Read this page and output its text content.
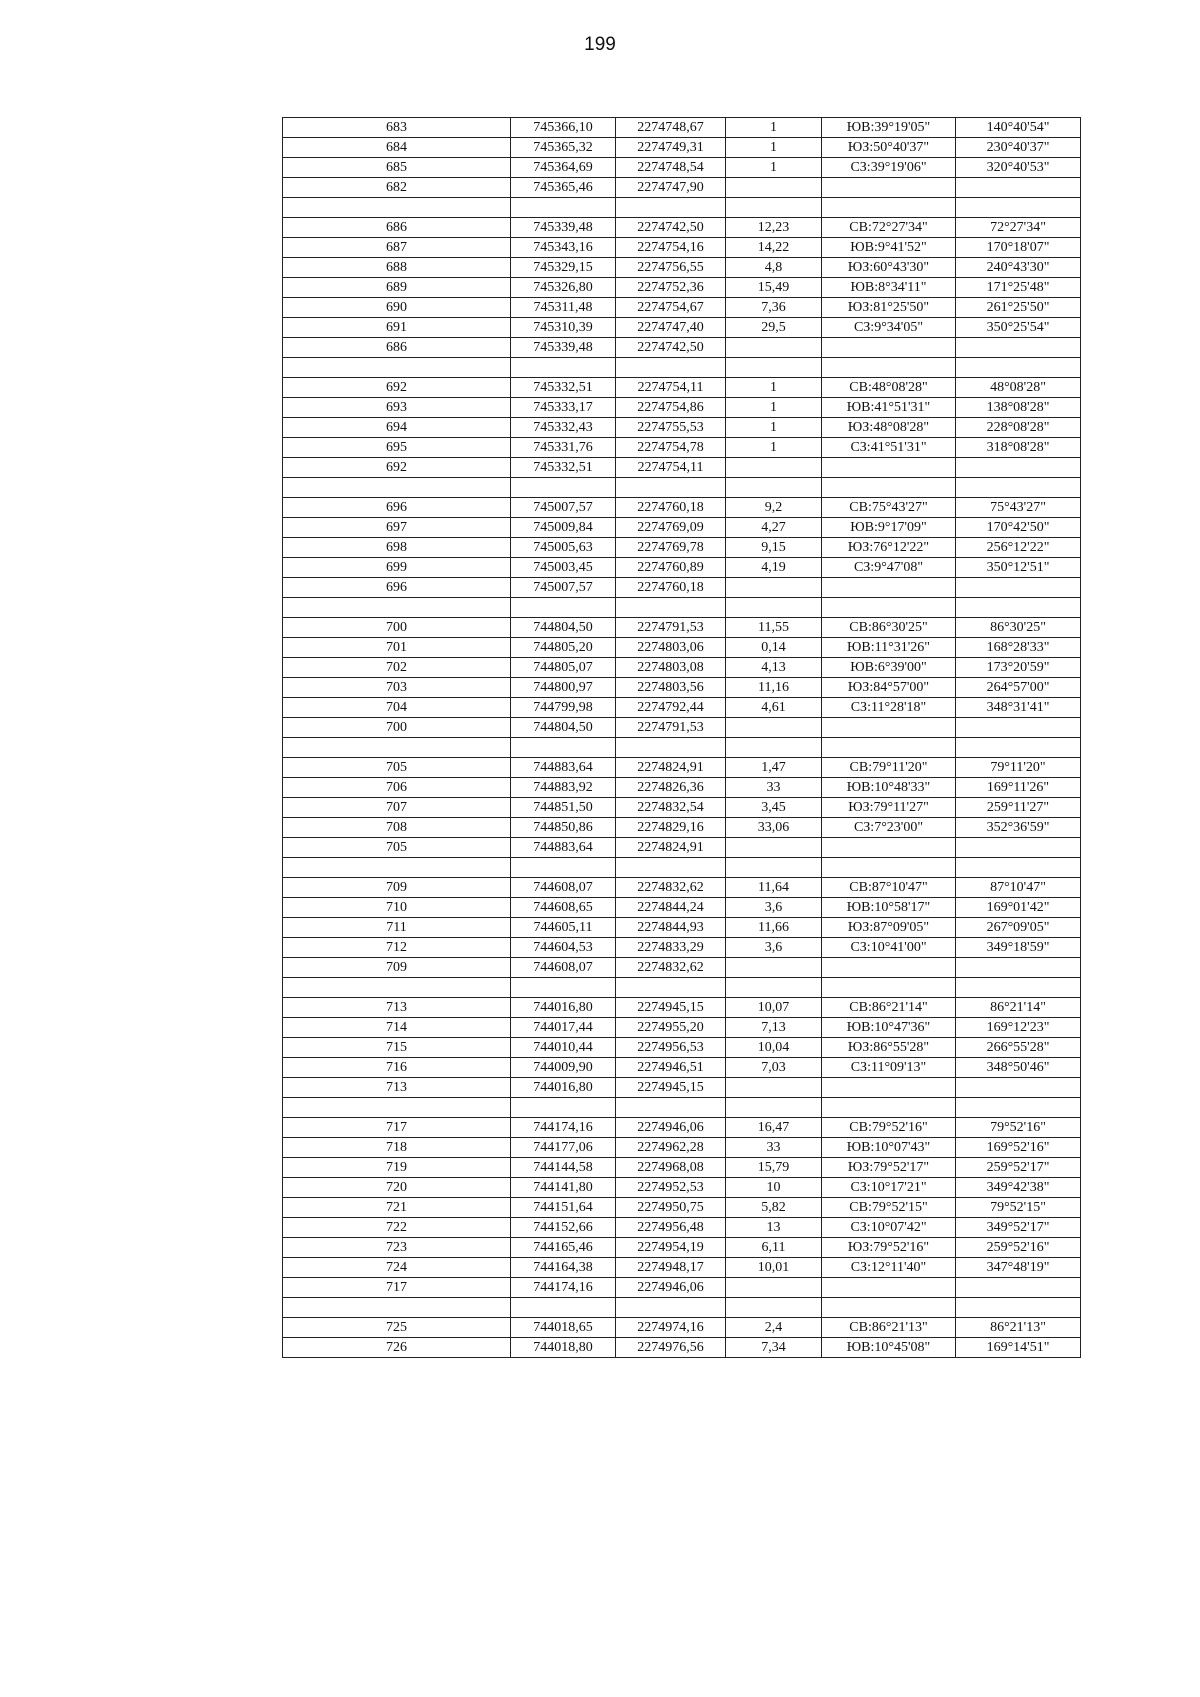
199
683	745366,10	2274748,67	1	ЮВ:39°19'05"	140°40'54"
684	745365,32	2274749,31	1	ЮЗ:50°40'37"	230°40'37"
685	745364,69	2274748,54	1	СЗ:39°19'06"	320°40'53"
682	745365,46	2274747,90			

686	745339,48	2274742,50	12,23	СВ:72°27'34"	72°27'34"
687	745343,16	2274754,16	14,22	ЮВ:9°41'52"	170°18'07"
688	745329,15	2274756,55	4,8	ЮЗ:60°43'30"	240°43'30"
689	745326,80	2274752,36	15,49	ЮВ:8°34'11"	171°25'48"
690	745311,48	2274754,67	7,36	ЮЗ:81°25'50"	261°25'50"
691	745310,39	2274747,40	29,5	СЗ:9°34'05"	350°25'54"
686	745339,48	2274742,50			

692	745332,51	2274754,11	1	СВ:48°08'28"	48°08'28"
693	745333,17	2274754,86	1	ЮВ:41°51'31"	138°08'28"
694	745332,43	2274755,53	1	ЮЗ:48°08'28"	228°08'28"
695	745331,76	2274754,78	1	СЗ:41°51'31"	318°08'28"
692	745332,51	2274754,11			

696	745007,57	2274760,18	9,2	СВ:75°43'27"	75°43'27"
697	745009,84	2274769,09	4,27	ЮВ:9°17'09"	170°42'50"
698	745005,63	2274769,78	9,15	ЮЗ:76°12'22"	256°12'22"
699	745003,45	2274760,89	4,19	СЗ:9°47'08"	350°12'51"
696	745007,57	2274760,18			

700	744804,50	2274791,53	11,55	СВ:86°30'25"	86°30'25"
701	744805,20	2274803,06	0,14	ЮВ:11°31'26"	168°28'33"
702	744805,07	2274803,08	4,13	ЮВ:6°39'00"	173°20'59"
703	744800,97	2274803,56	11,16	ЮЗ:84°57'00"	264°57'00"
704	744799,98	2274792,44	4,61	СЗ:11°28'18"	348°31'41"
700	744804,50	2274791,53			

705	744883,64	2274824,91	1,47	СВ:79°11'20"	79°11'20"
706	744883,92	2274826,36	33	ЮВ:10°48'33"	169°11'26"
707	744851,50	2274832,54	3,45	ЮЗ:79°11'27"	259°11'27"
708	744850,86	2274829,16	33,06	СЗ:7°23'00"	352°36'59"
705	744883,64	2274824,91			

709	744608,07	2274832,62	11,64	СВ:87°10'47"	87°10'47"
710	744608,65	2274844,24	3,6	ЮВ:10°58'17"	169°01'42"
711	744605,11	2274844,93	11,66	ЮЗ:87°09'05"	267°09'05"
712	744604,53	2274833,29	3,6	СЗ:10°41'00"	349°18'59"
709	744608,07	2274832,62			

713	744016,80	2274945,15	10,07	СВ:86°21'14"	86°21'14"
714	744017,44	2274955,20	7,13	ЮВ:10°47'36"	169°12'23"
715	744010,44	2274956,53	10,04	ЮЗ:86°55'28"	266°55'28"
716	744009,90	2274946,51	7,03	СЗ:11°09'13"	348°50'46"
713	744016,80	2274945,15			

717	744174,16	2274946,06	16,47	СВ:79°52'16"	79°52'16"
718	744177,06	2274962,28	33	ЮВ:10°07'43"	169°52'16"
719	744144,58	2274968,08	15,79	ЮЗ:79°52'17"	259°52'17"
720	744141,80	2274952,53	10	СЗ:10°17'21"	349°42'38"
721	744151,64	2274950,75	5,82	СВ:79°52'15"	79°52'15"
722	744152,66	2274956,48	13	СЗ:10°07'42"	349°52'17"
723	744165,46	2274954,19	6,11	ЮЗ:79°52'16"	259°52'16"
724	744164,38	2274948,17	10,01	СЗ:12°11'40"	347°48'19"
717	744174,16	2274946,06			

725	744018,65	2274974,16	2,4	СВ:86°21'13"	86°21'13"
726	744018,80	2274976,56	7,34	ЮВ:10°45'08"	169°14'51"
